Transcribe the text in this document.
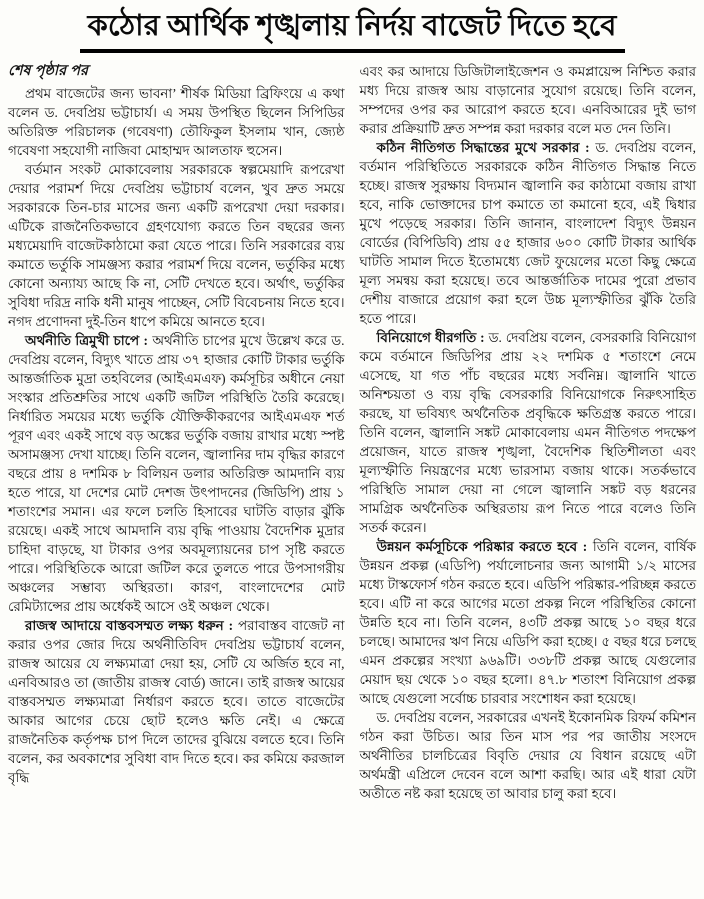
কঠোর আর্থিক শৃঙ্খলায় নির্দয় বাজেট দিতে হবে

শেষ পৃষ্ঠার পর

প্রথম বাজেটের জন্য ভাবনা’ শীর্ষক মিডিয়া ব্রিফিংয়ে এ কথা বলেন ড. দেবপ্রিয় ভট্টাচার্য। এ সময় উপস্থিত ছিলেন সিপিডির অতিরিক্ত পরিচালক (গবেষণা) তৌফিকুল ইসলাম খান, জ্যেষ্ঠ গবেষণা সহযোগী নাজিবা মোহাম্মদ আলতাফ হুসেন।

বর্তমান সংকট মোকাবেলায় সরকারকে স্বল্পমেয়াদি রূপরেখা দেয়ার পরামর্শ দিয়ে দেবপ্রিয় ভট্টাচার্য বলেন, খুব দ্রুত সময়ে সরকারকে তিন-চার মাসের জন্য একটি রূপরেখা দেয়া দরকার। এটিকে রাজনৈতিকভাবে গ্রহণযোগ্য করতে তিন বছরের জন্য মধ্যমেয়াদি বাজেটকাঠামো করা যেতে পারে। তিনি সরকারের ব্যয় কমাতে ভর্তুকি সামঞ্জস্য করার পরামর্শ দিয়ে বলেন, ভর্তুকির মধ্যে কোনো অন্যায্য আছে কি না, সেটি দেখতে হবে। অর্থাৎ, ভর্তুকির সুবিধা দরিদ্র নাকি ধনী মানুষ পাচ্ছেন, সেটি বিবেচনায় নিতে হবে। নগদ প্রণোদনা দুই-তিন ধাপে কমিয়ে আনতে হবে।

অর্থনীতি ত্রিমুখী চাপে : অর্থনীতি চাপের মুখে উল্লেখ করে ড. দেবপ্রিয় বলেন, বিদ্যুৎ খাতে প্রায় ৩৭ হাজার কোটি টাকার ভর্তুকি আন্তর্জাতিক মুদ্রা তহবিলের (আইএমএফ) কর্মসূচির অধীনে নেয়া সংস্কার প্রতিশ্রুতির সাথে একটি জটিল পরিস্থিতি তৈরি করেছে। নির্ধারিত সময়ের মধ্যে ভর্তুকি যৌক্তিকীকরণের আইএমএফ শর্ত পূরণ এবং একই সাথে বড় অঙ্কের ভর্তুকি বজায় রাখার মধ্যে স্পষ্ট অসামঞ্জস্য দেখা যাচ্ছে। তিনি বলেন, জ্বালানির দাম বৃদ্ধির কারণে বছরে প্রায় ৪ দশমিক ৮ বিলিয়ন ডলার অতিরিক্ত আমদানি ব্যয় হতে পারে, যা দেশের মোট দেশজ উৎপাদনের (জিডিপি) প্রায় ১ শতাংশের সমান। এর ফলে চলতি হিসাবের ঘাটতি বাড়ার ঝুঁকি রয়েছে। একই সাথে আমদানি ব্যয় বৃদ্ধি পাওয়ায় বৈদেশিক মুদ্রার চাহিদা বাড়ছে, যা টাকার ওপর অবমূল্যায়নের চাপ সৃষ্টি করতে পারে। পরিস্থিতিকে আরো জটিল করে তুলতে পারে উপসাগরীয় অঞ্চলের সম্ভাব্য অস্থিরতা। কারণ, বাংলাদেশের মোট রেমিট্যান্সের প্রায় অর্ধেকই আসে ওই অঞ্চল থেকে।

রাজস্ব আদায়ে বাস্তবসম্মত লক্ষ্য ধরুন : পরাবাস্তব বাজেট না করার ওপর জোর দিয়ে অর্থনীতিবিদ দেবপ্রিয় ভট্টাচার্য বলেন, রাজস্ব আয়ের যে লক্ষ্যমাত্রা দেয়া হয়, সেটি যে অর্জিত হবে না, এনবিআরও তা (জাতীয় রাজস্ব বোর্ড) জানে। তাই রাজস্ব আয়ের বাস্তবসম্মত লক্ষ্যমাত্রা নির্ধারণ করতে হবে। তাতে বাজেটের আকার আগের চেয়ে ছোট হলেও ক্ষতি নেই। এ ক্ষেত্রে রাজনৈতিক কর্তৃপক্ষ চাপ দিলে তাদের বুঝিয়ে বলতে হবে। তিনি বলেন, কর অবকাশের সুবিধা বাদ দিতে হবে। কর কমিয়ে করজাল বৃদ্ধি

এবং কর আদায়ে ডিজিটালাইজেশন ও কমপ্লায়েন্স নিশ্চিত করার মধ্য দিয়ে রাজস্ব আয় বাড়ানোর সুযোগ রয়েছে। তিনি বলেন, সম্পদের ওপর কর আরোপ করতে হবে। এনবিআরের দুই ভাগ করার প্রক্রিয়াটি দ্রুত সম্পন্ন করা দরকার বলে মত দেন তিনি।

কঠিন নীতিগত সিদ্ধান্তের মুখে সরকার : ড. দেবপ্রিয় বলেন, বর্তমান পরিস্থিতিতে সরকারকে কঠিন নীতিগত সিদ্ধান্ত নিতে হচ্ছে। রাজস্ব সুরক্ষায় বিদ্যমান জ্বালানি কর কাঠামো বজায় রাখা হবে, নাকি ভোক্তাদের চাপ কমাতে তা কমানো হবে, এই দ্বিধার মুখে পড়েছে সরকার। তিনি জানান, বাংলাদেশ বিদ্যুৎ উন্নয়ন বোর্ডের (বিপিডিবি) প্রায় ৫৫ হাজার ৬০০ কোটি টাকার আর্থিক ঘাটতি সামাল দিতে ইতোমধ্যে জেট ফুয়েলের মতো কিছু ক্ষেত্রে মূল্য সমন্বয় করা হয়েছে। তবে আন্তর্জাতিক দামের পুরো প্রভাব দেশীয় বাজারে প্রয়োগ করা হলে উচ্চ মূল্যস্ফীতির ঝুঁকি তৈরি হতে পারে।

বিনিয়োগে ধীরগতি : ড. দেবপ্রিয় বলেন, বেসরকারি বিনিয়োগ কমে বর্তমানে জিডিপির প্রায় ২২ দশমিক ৫ শতাংশে নেমে এসেছে, যা গত পাঁচ বছরের মধ্যে সর্বনিম্ন। জ্বালানি খাতে অনিশ্চয়তা ও ব্যয় বৃদ্ধি বেসরকারি বিনিয়োগকে নিরুৎসাহিত করছে, যা ভবিষ্যৎ অর্থনৈতিক প্রবৃদ্ধিকে ক্ষতিগ্রস্ত করতে পারে। তিনি বলেন, জ্বালানি সঙ্কট মোকাবেলায় এমন নীতিগত পদক্ষেপ প্রয়োজন, যাতে রাজস্ব শৃঙ্খলা, বৈদেশিক স্থিতিশীলতা এবং মূল্যস্ফীতি নিয়ন্ত্রণের মধ্যে ভারসাম্য বজায় থাকে। সতর্কভাবে পরিস্থিতি সামাল দেয়া না গেলে জ্বালানি সঙ্কট বড় ধরনের সামগ্রিক অর্থনৈতিক অস্থিরতায় রূপ নিতে পারে বলেও তিনি সতর্ক করেন।

উন্নয়ন কর্মসূচিকে পরিষ্কার করতে হবে : তিনি বলেন, বার্ষিক উন্নয়ন প্রকল্প (এডিপি) পর্যালোচনার জন্য আগামী ১/২ মাসের মধ্যে টাস্কফোর্স গঠন করতে হবে। এডিপি পরিষ্কার-পরিচ্ছন্ন করতে হবে। এটি না করে আগের মতো প্রকল্প নিলে পরিস্থিতির কোনো উন্নতি হবে না। তিনি বলেন, ৪৩টি প্রকল্প আছে ১০ বছর ধরে চলছে। আমাদের ঋণ নিয়ে এডিপি করা হচ্ছে। ৫ বছর ধরে চলছে এমন প্রকল্পের সংখ্যা ৯৬৯টি। ৩৩৮টি প্রকল্প আছে যেগুলোর মেয়াদ ছয় থেকে ১০ বছর হলো। ৪৭.৮ শতাংশ বিনিয়োগ প্রকল্প আছে যেগুলো সর্বোচ্চ চারবার সংশোধন করা হয়েছে।

ড. দেবপ্রিয় বলেন, সরকারের এখনই ইকোনমিক রিফর্ম কমিশন গঠন করা উচিত। আর তিন মাস পর পর জাতীয় সংসদে অর্থনীতির চালচিত্রের বিবৃতি দেয়ার যে বিধান রয়েছে এটা অর্থমন্ত্রী এপ্রিলে দেবেন বলে আশা করছি। আর এই ধারা যেটা অতীতে নষ্ট করা হয়েছে তা আবার চালু করা হবে।
